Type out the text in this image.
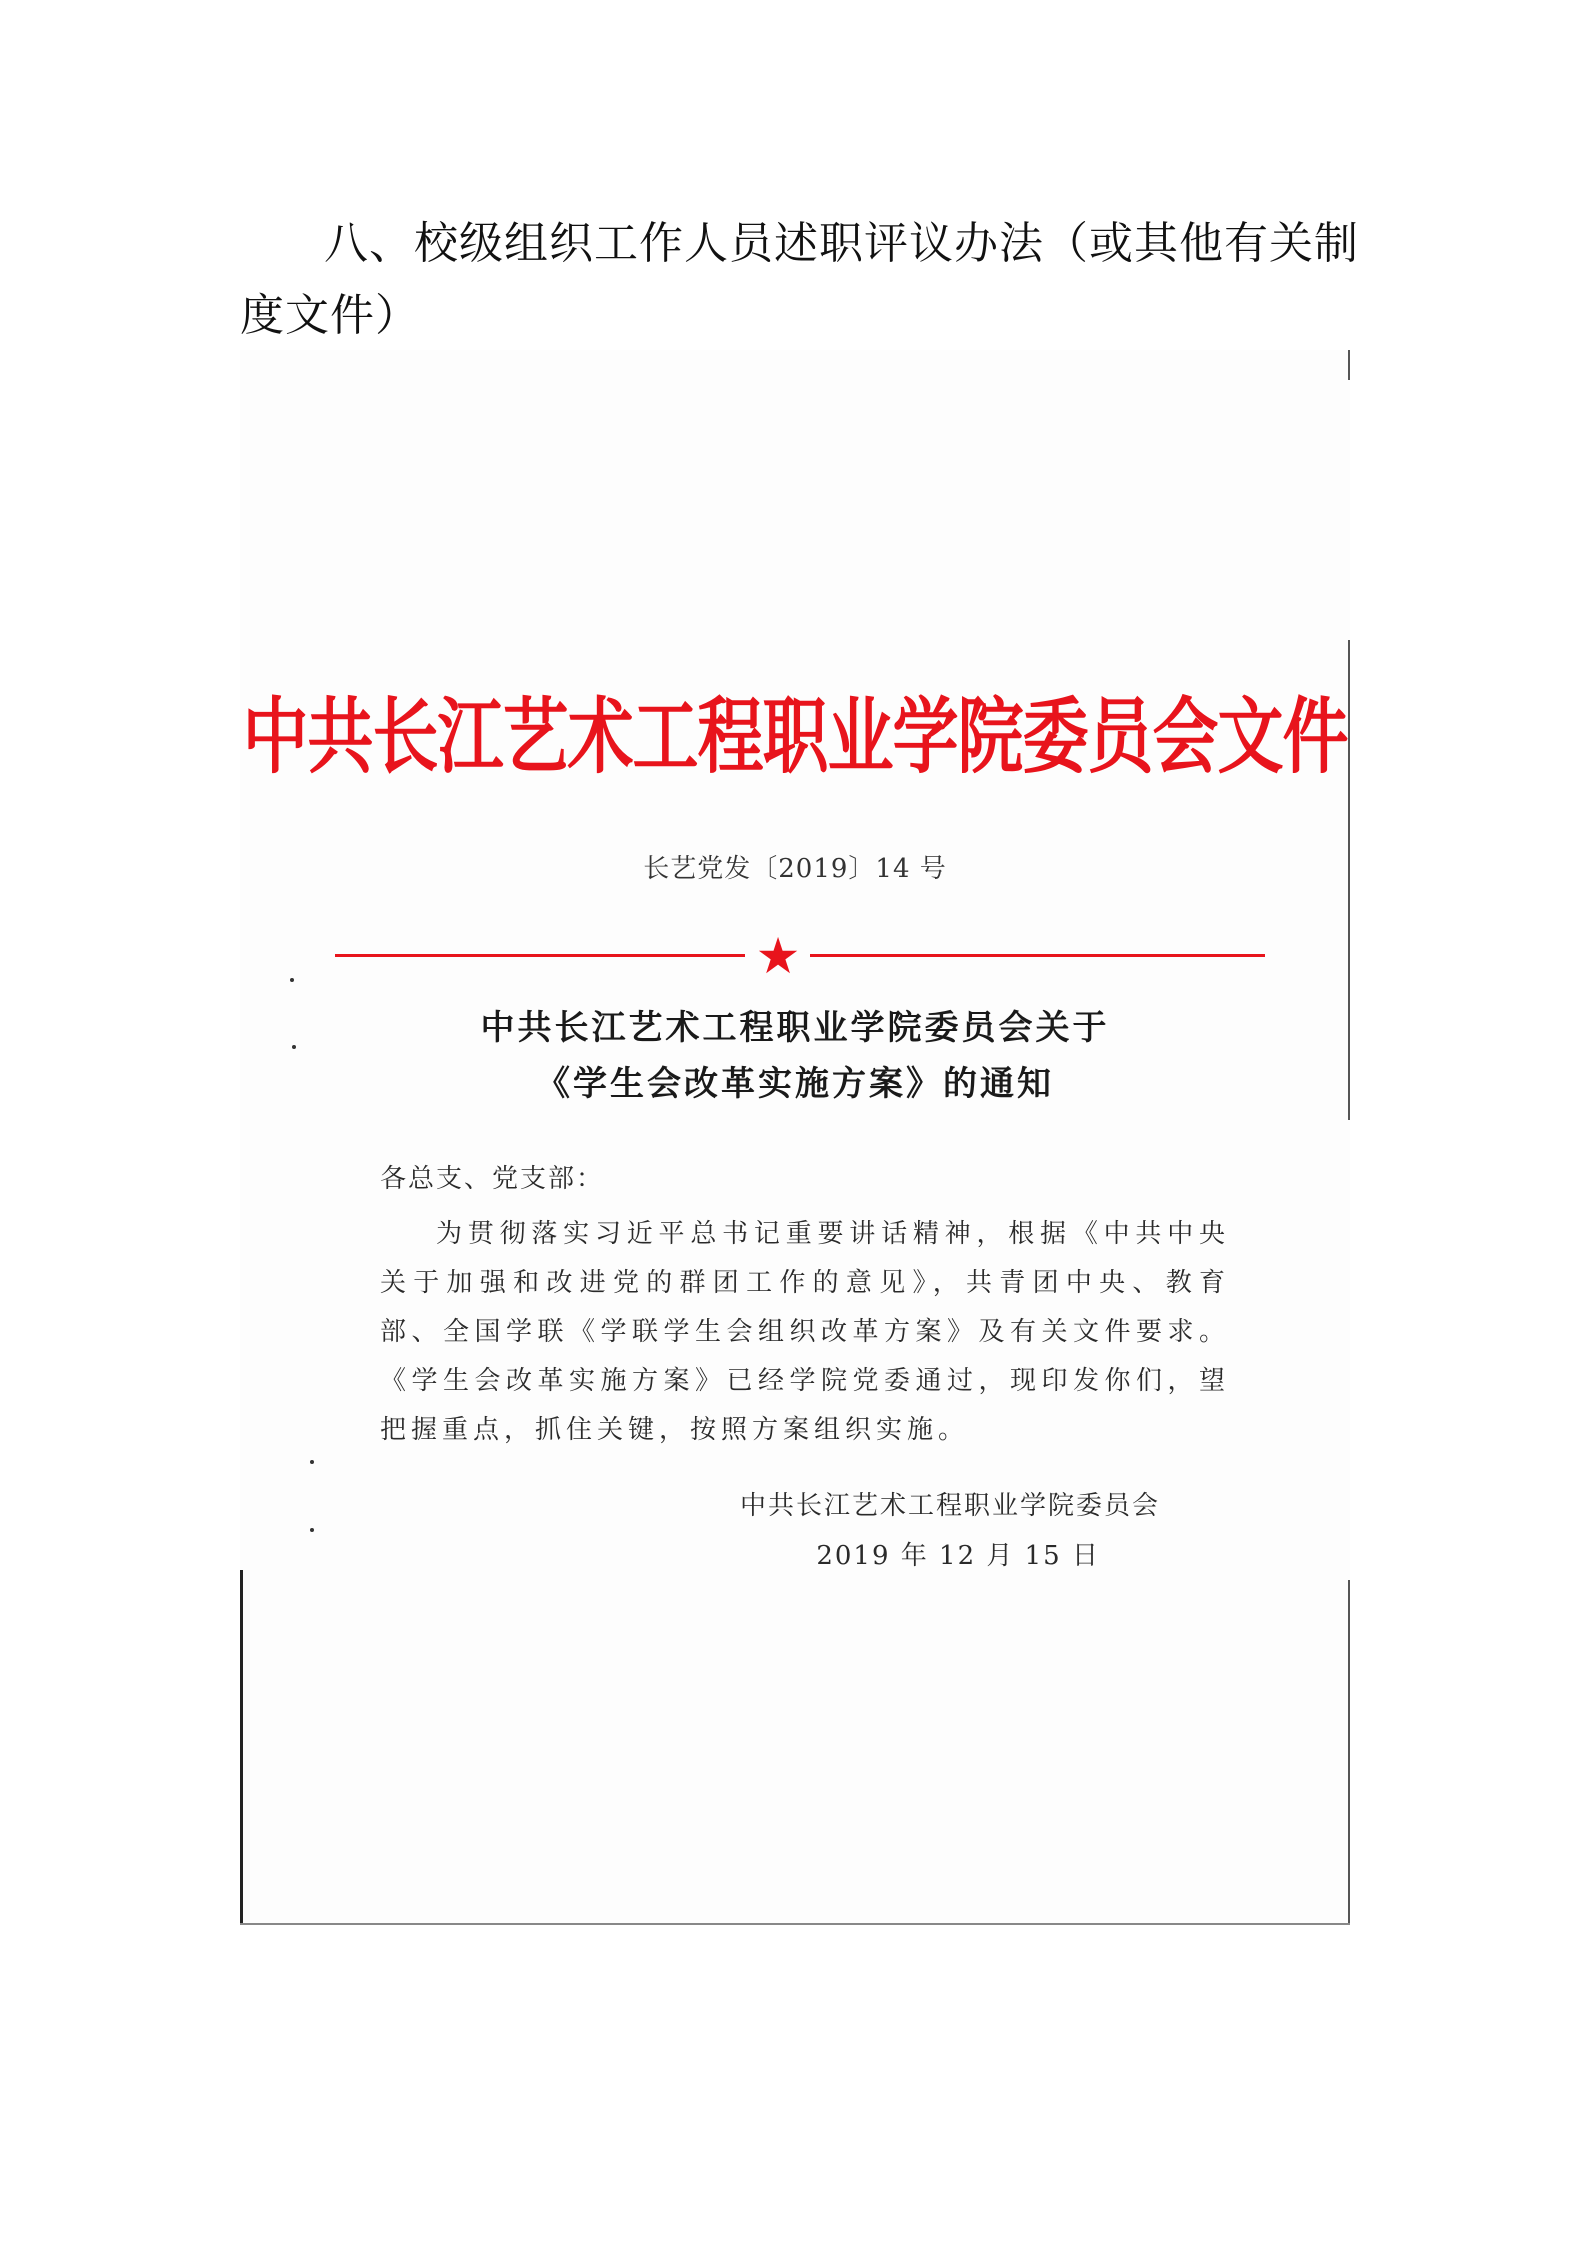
八、校级组织工作人员述职评议办法（或其他有关制度文件）
中共长江艺术工程职业学院委员会文件
长艺党发〔2019〕14 号
★
中共长江艺术工程职业学院委员会关于
《学生会改革实施方案》的通知
各总支、党支部：
为贯彻落实习近平总书记重要讲话精神，根据《中共中央关于加强和改进党的群团工作的意见》，共青团中央、教育部、全国学联《学联学生会组织改革方案》及有关文件要求。《学生会改革实施方案》已经学院党委通过，现印发你们，望把握重点，抓住关键，按照方案组织实施。
中共长江艺术工程职业学院委员会
2019 年 12 月 15 日
